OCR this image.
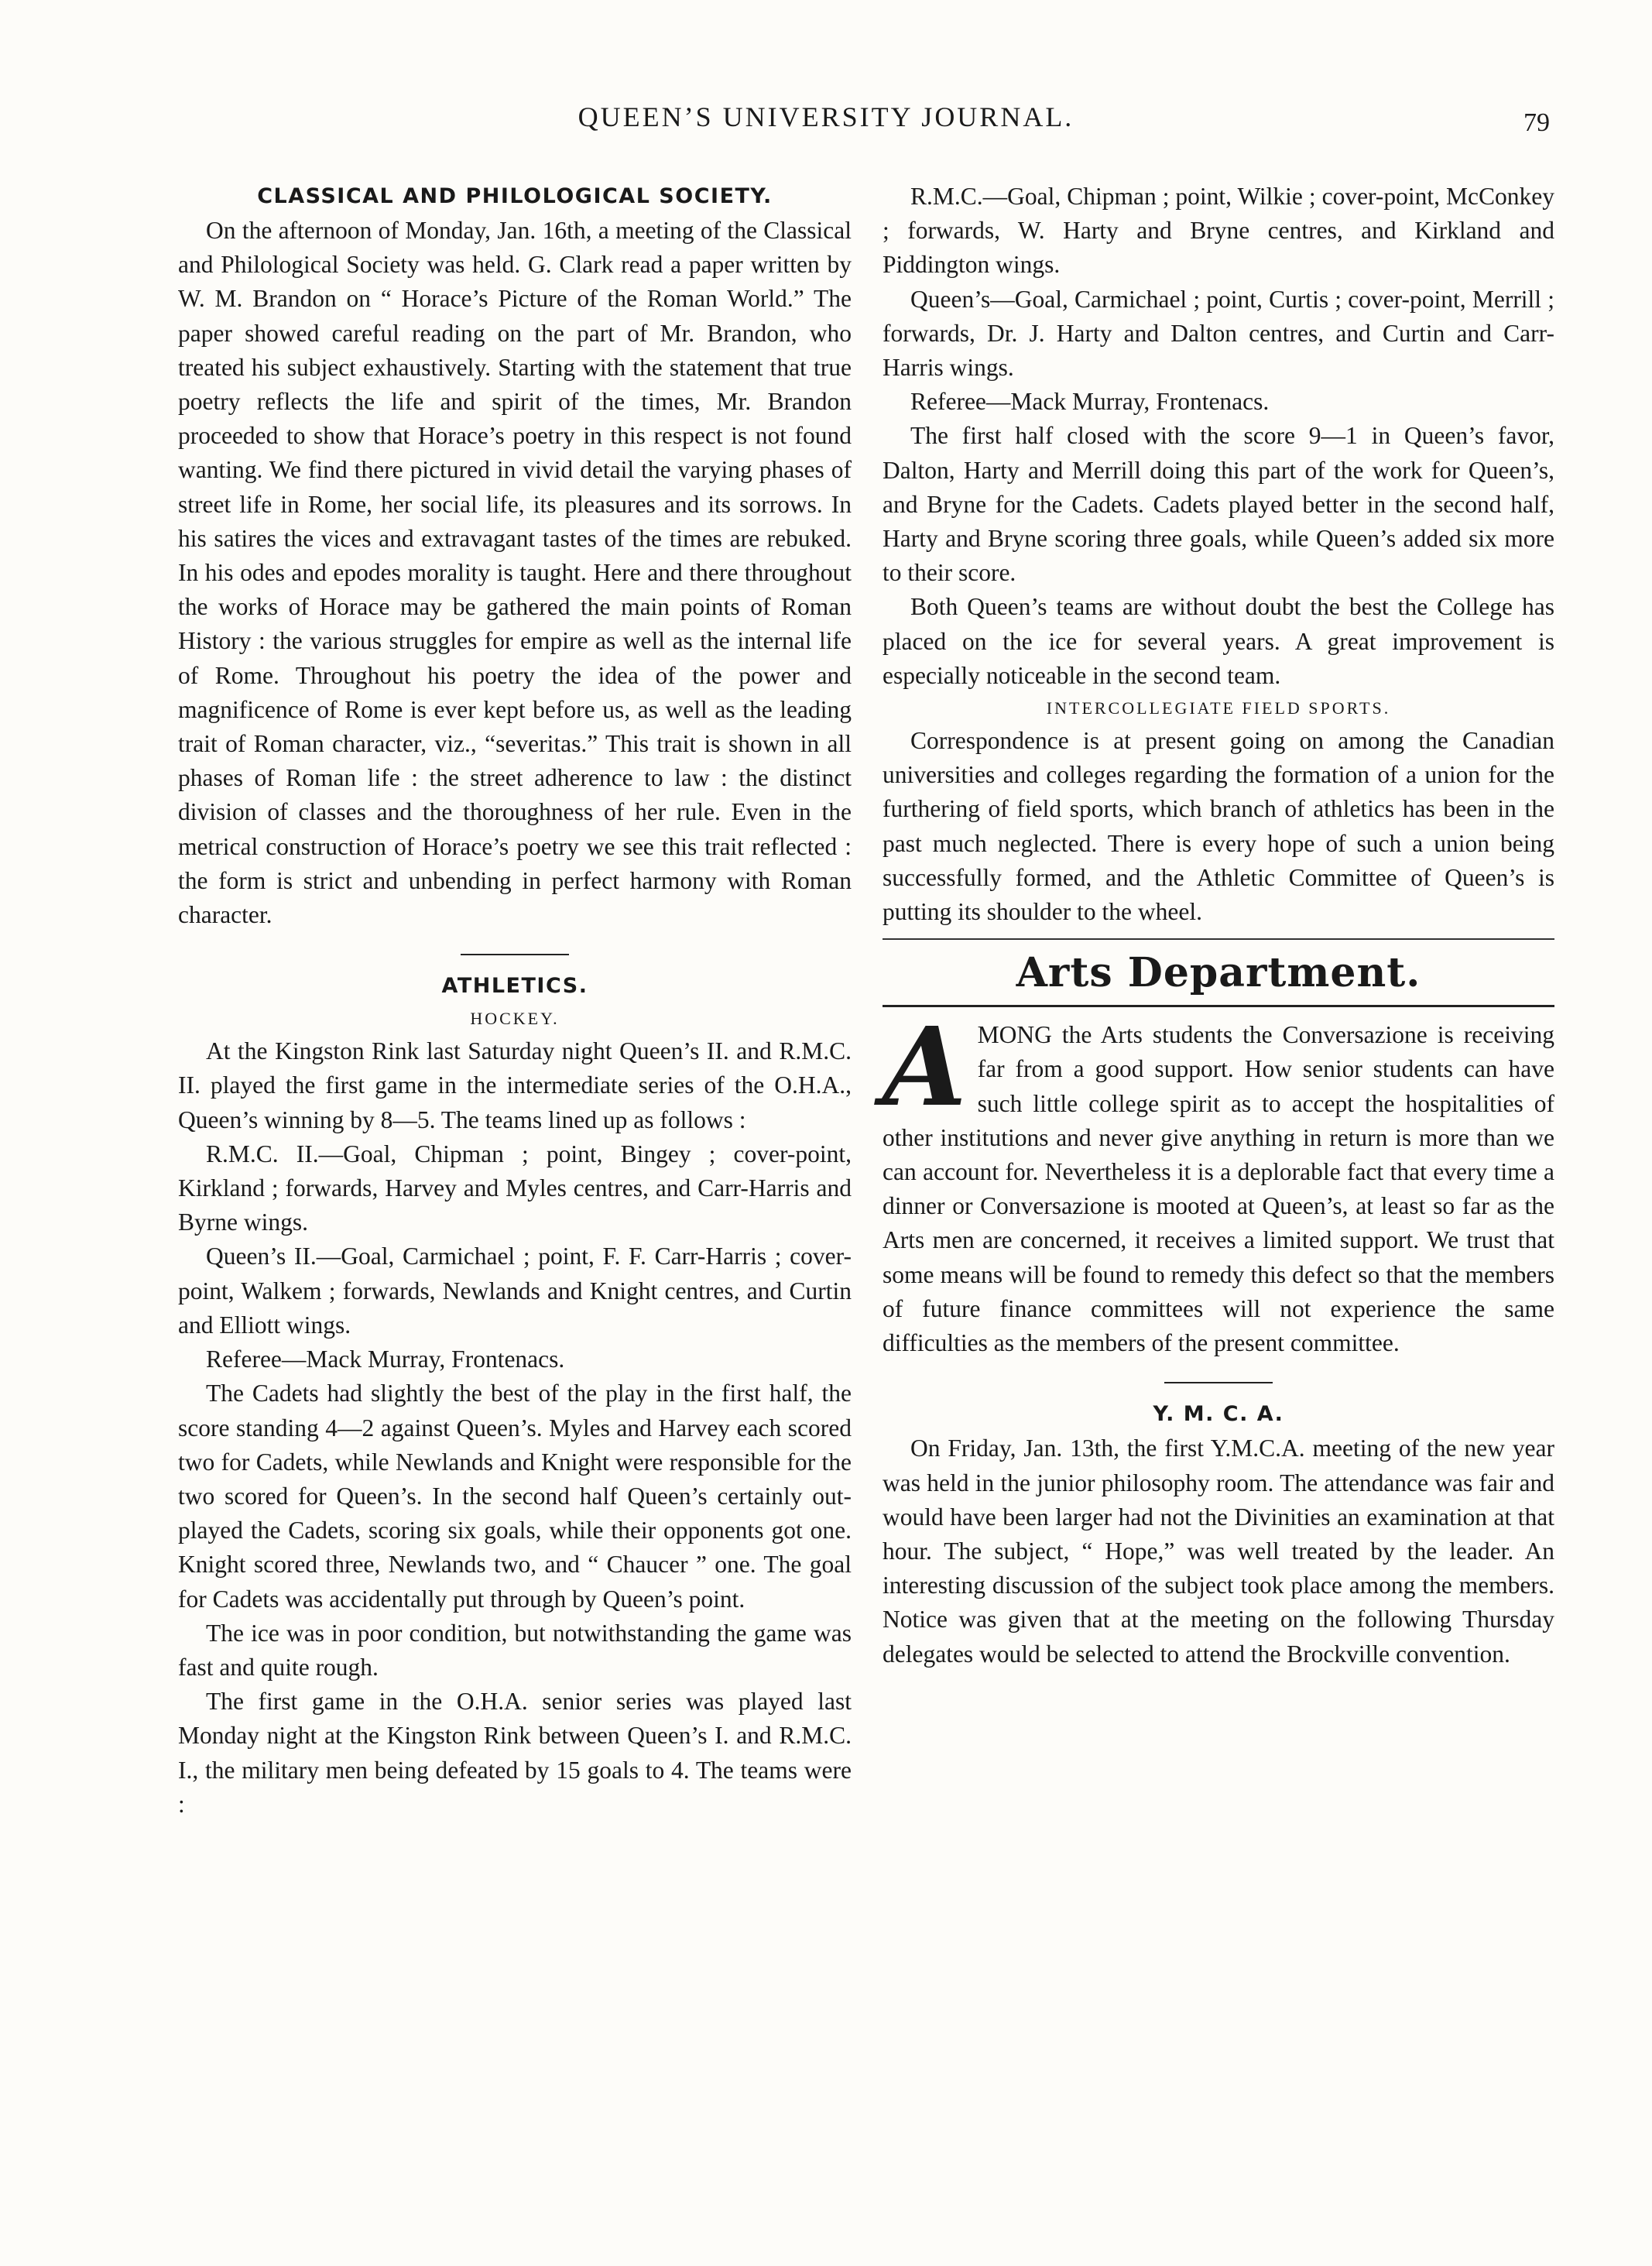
QUEEN’S UNIVERSITY JOURNAL.	79
CLASSICAL AND PHILOLOGICAL SOCIETY.

On the afternoon of Monday, Jan. 16th, a meeting of the Classical and Philological Society was held. G. Clark read a paper written by W. M. Brandon on “ Horace’s Picture of the Roman World.” The paper showed careful reading on the part of Mr. Brandon, who treated his subject exhaustively. Starting with the statement that true poetry reflects the life and spirit of the times, Mr. Brandon proceeded to show that Horace’s poetry in this respect is not found wanting. We find there pictured in vivid detail the varying phases of street life in Rome, her social life, its pleasures and its sorrows. In his satires the vices and extravagant tastes of the times are rebuked. In his odes and epodes morality is taught. Here and there throughout the works of Horace may be gathered the main points of Roman History : the various struggles for empire as well as the internal life of Rome. Throughout his poetry the idea of the power and magnificence of Rome is ever kept before us, as well as the leading trait of Roman character, viz., “severitas.” This trait is shown in all phases of Roman life : the street adherence to law : the distinct division of classes and the thoroughness of her rule. Even in the metrical construction of Horace’s poetry we see this trait reflected : the form is strict and unbending in perfect harmony with Roman character.

ATHLETICS.
HOCKEY.

At the Kingston Rink last Saturday night Queen’s II. and R.M.C. II. played the first game in the intermediate series of the O.H.A., Queen’s winning by 8—5. The teams lined up as follows :

R.M.C. II.—Goal, Chipman ; point, Bingey ; cover-point, Kirkland ; forwards, Harvey and Myles centres, and Carr-Harris and Byrne wings.

Queen’s II.—Goal, Carmichael ; point, F. F. Carr-Harris ; cover-point, Walkem ; forwards, Newlands and Knight centres, and Curtin and Elliott wings.

Referee—Mack Murray, Frontenacs.

The Cadets had slightly the best of the play in the first half, the score standing 4—2 against Queen’s. Myles and Harvey each scored two for Cadets, while Newlands and Knight were responsible for the two scored for Queen’s. In the second half Queen’s certainly out-played the Cadets, scoring six goals, while their opponents got one. Knight scored three, Newlands two, and “ Chaucer ” one. The goal for Cadets was accidentally put through by Queen’s point.

The ice was in poor condition, but notwithstanding the game was fast and quite rough.

The first game in the O.H.A. senior series was played last Monday night at the Kingston Rink between Queen’s I. and R.M.C. I., the military men being defeated by 15 goals to 4. The teams were :

R.M.C.—Goal, Chipman ; point, Wilkie ; cover-point, McConkey ; forwards, W. Harty and Bryne centres, and Kirkland and Piddington wings.

Queen’s—Goal, Carmichael ; point, Curtis ; cover-point, Merrill ; forwards, Dr. J. Harty and Dalton centres, and Curtin and Carr-Harris wings.

Referee—Mack Murray, Frontenacs.

The first half closed with the score 9—1 in Queen’s favor, Dalton, Harty and Merrill doing this part of the work for Queen’s, and Bryne for the Cadets. Cadets played better in the second half, Harty and Bryne scoring three goals, while Queen’s added six more to their score.

Both Queen’s teams are without doubt the best the College has placed on the ice for several years. A great improvement is especially noticeable in the second team.

INTERCOLLEGIATE FIELD SPORTS.

Correspondence is at present going on among the Canadian universities and colleges regarding the formation of a union for the furthering of field sports, which branch of athletics has been in the past much neglected. There is every hope of such a union being successfully formed, and the Athletic Committee of Queen’s is putting its shoulder to the wheel.

Arts Department.

AMONG the Arts students the Conversazione is receiving far from a good support. How senior students can have such little college spirit as to accept the hospitalities of other institutions and never give anything in return is more than we can account for. Nevertheless it is a deplorable fact that every time a dinner or Conversazione is mooted at Queen’s, at least so far as the Arts men are concerned, it receives a limited support. We trust that some means will be found to remedy this defect so that the members of future finance committees will not experience the same difficulties as the members of the present committee.

Y. M. C. A.

On Friday, Jan. 13th, the first Y.M.C.A. meeting of the new year was held in the junior philosophy room. The attendance was fair and would have been larger had not the Divinities an examination at that hour. The subject, “ Hope,” was well treated by the leader. An interesting discussion of the subject took place among the members. Notice was given that at the meeting on the following Thursday delegates would be selected to attend the Brockville convention.
